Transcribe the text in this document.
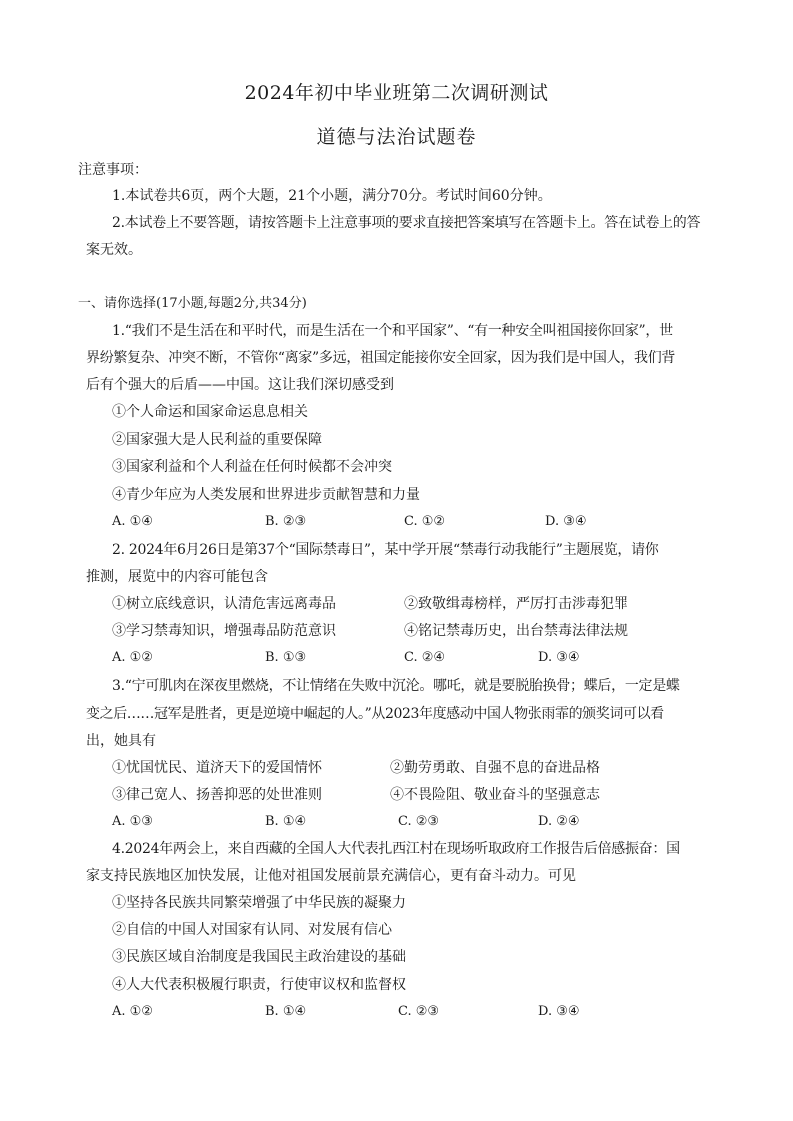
2024年初中毕业班第二次调研测试
道德与法治试题卷
注意事项：
1.本试卷共6页，两个大题，21个小题，满分70分。考试时间60分钟。
2.本试卷上不要答题，请按答题卡上注意事项的要求直接把答案填写在答题卡上。答在试卷上的答
案无效。
一、请你选择(17小题,每题2分,共34分)
1.“我们不是生活在和平时代，而是生活在一个和平国家”、“有一种安全叫祖国接你回家”，世
界纷繁复杂、冲突不断，不管你“离家”多远，祖国定能接你安全回家，因为我们是中国人，我们背
后有个强大的后盾——中国。这让我们深切感受到
①个人命运和国家命运息息相关
②国家强大是人民利益的重要保障
③国家利益和个人利益在任何时候都不会冲突
④青少年应为人类发展和世界进步贡献智慧和力量
A. ①④	B. ②③	C. ①②	D. ③④
2. 2024年6月26日是第37个“国际禁毒日”，某中学开展“禁毒行动我能行”主题展览，请你
推测，展览中的内容可能包含
①树立底线意识，认清危害远离毒品	②致敬缉毒榜样，严厉打击涉毒犯罪
③学习禁毒知识，增强毒品防范意识	④铭记禁毒历史，出台禁毒法律法规
A. ①②	B. ①③	C. ②④	D. ③④
3.“宁可肌肉在深夜里燃烧，不让情绪在失败中沉沦。哪吒，就是要脱胎换骨；蝶后，一定是蝶
变之后……冠军是胜者，更是逆境中崛起的人。”从2023年度感动中国人物张雨霏的颁奖词可以看
出，她具有
①忧国忧民、道济天下的爱国情怀	②勤劳勇敢、自强不息的奋进品格
③律己宽人、扬善抑恶的处世准则	④不畏险阻、敬业奋斗的坚强意志
A. ①③	B. ①④	C. ②③	D. ②④
4.2024年两会上，来自西藏的全国人大代表扎西江村在现场听取政府工作报告后倍感振奋：国
家支持民族地区加快发展，让他对祖国发展前景充满信心，更有奋斗动力。可见
①坚持各民族共同繁荣增强了中华民族的凝聚力
②自信的中国人对国家有认同、对发展有信心
③民族区域自治制度是我国民主政治建设的基础
④人大代表积极履行职责，行使审议权和监督权
A. ①②	B. ①④	C. ②③	D. ③④
